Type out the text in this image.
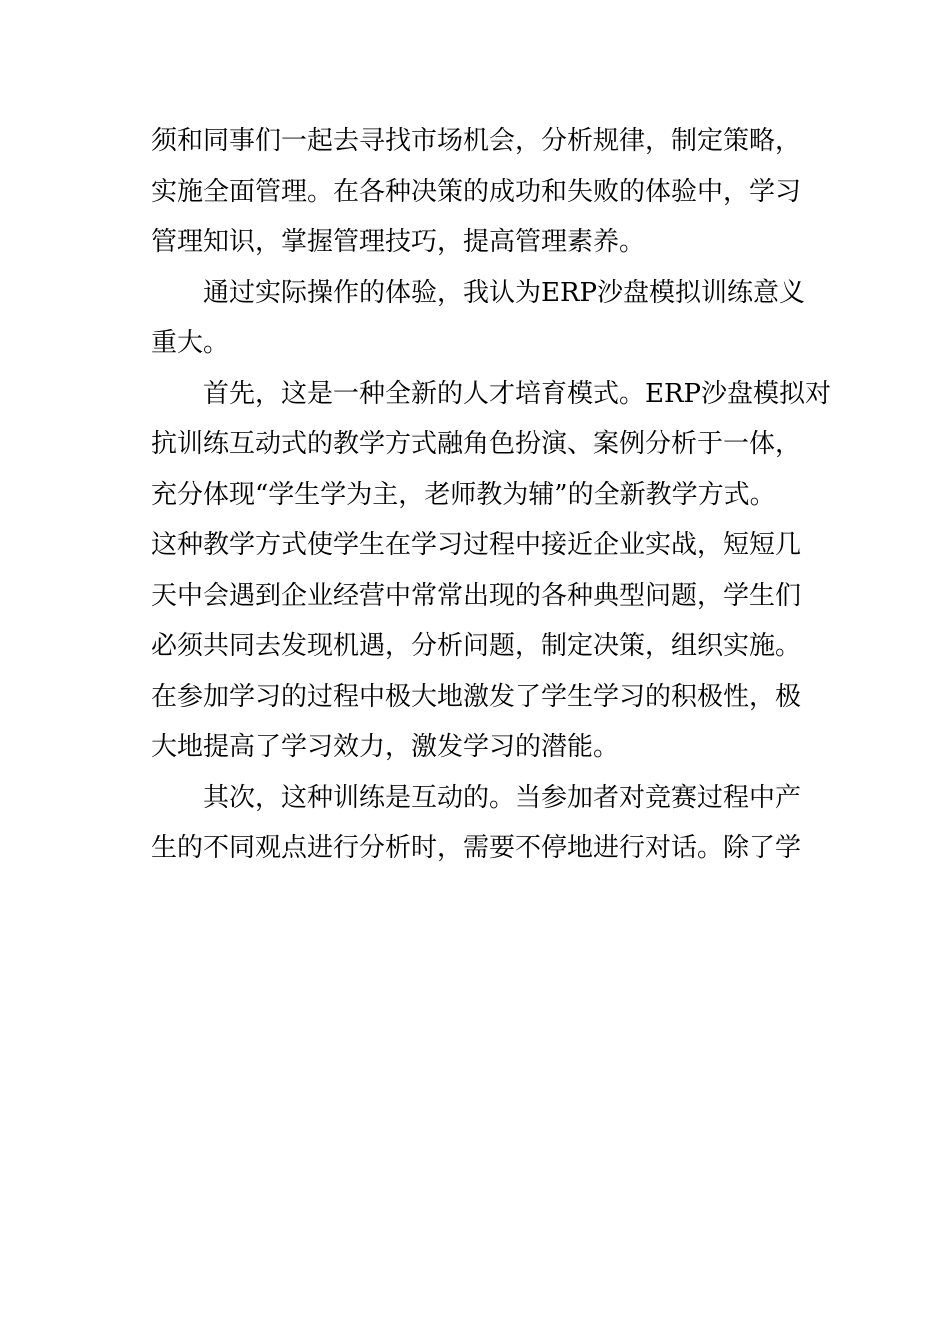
须和同事们一起去寻找市场机会，分析规律，制定策略，
实施全面管理。在各种决策的成功和失败的体验中，学习
管理知识，掌握管理技巧，提高管理素养。
通过实际操作的体验，我认为ERP沙盘模拟训练意义
重大。
首先，这是一种全新的人才培育模式。ERP沙盘模拟对
抗训练互动式的教学方式融角色扮演、案例分析于一体，
充分体现“学生学为主，老师教为辅”的全新教学方式。
这种教学方式使学生在学习过程中接近企业实战，短短几
天中会遇到企业经营中常常出现的各种典型问题，学生们
必须共同去发现机遇，分析问题，制定决策，组织实施。
在参加学习的过程中极大地激发了学生学习的积极性，极
大地提高了学习效力，激发学习的潜能。
其次，这种训练是互动的。当参加者对竞赛过程中产
生的不同观点进行分析时，需要不停地进行对话。除了学
